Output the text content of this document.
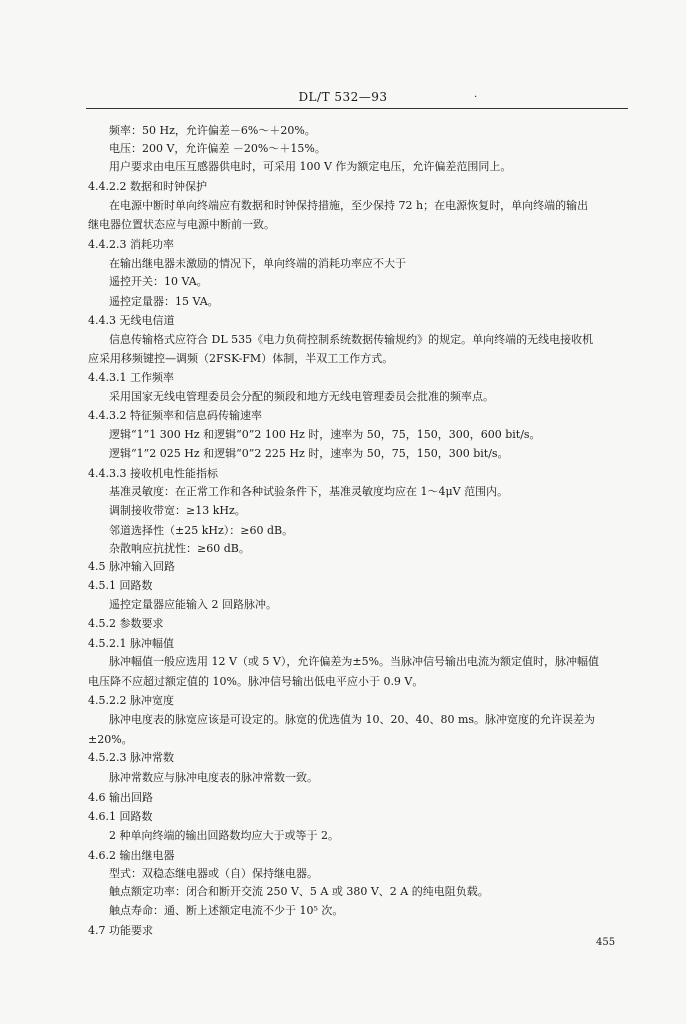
DL/T 532—93	·
频率：50 Hz，允许偏差－6%～＋20%。
电压：200 V，允许偏差 －20%～＋15%。
用户要求由电压互感器供电时，可采用 100 V 作为额定电压，允许偏差范围同上。
4.4.2.2 数据和时钟保护
在电源中断时单向终端应有数据和时钟保持措施，至少保持 72 h；在电源恢复时，单向终端的输出
继电器位置状态应与电源中断前一致。
4.4.2.3 消耗功率
在输出继电器未激励的情况下，单向终端的消耗功率应不大于
遥控开关：10 VA。
遥控定量器：15 VA。
4.4.3 无线电信道
信息传输格式应符合 DL 535《电力负荷控制系统数据传输规约》的规定。单向终端的无线电接收机
应采用移频键控—调频（2FSK-FM）体制，半双工工作方式。
4.4.3.1 工作频率
采用国家无线电管理委员会分配的频段和地方无线电管理委员会批准的频率点。
4.4.3.2 特征频率和信息码传输速率
逻辑“1”1 300 Hz 和逻辑“0”2 100 Hz 时，速率为 50，75，150，300，600 bit/s。
逻辑“1”2 025 Hz 和逻辑“0”2 225 Hz 时，速率为 50，75，150，300 bit/s。
4.4.3.3 接收机电性能指标
基准灵敏度：在正常工作和各种试验条件下，基准灵敏度均应在 1～4μV 范围内。
调制接收带宽：≥13 kHz。
邻道选择性（±25 kHz）：≥60 dB。
杂散响应抗扰性：≥60 dB。
4.5 脉冲输入回路
4.5.1 回路数
遥控定量器应能输入 2 回路脉冲。
4.5.2 参数要求
4.5.2.1 脉冲幅值
脉冲幅值一般应选用 12 V（或 5 V），允许偏差为±5%。当脉冲信号输出电流为额定值时，脉冲幅值
电压降不应超过额定值的 10%。脉冲信号输出低电平应小于 0.9 V。
4.5.2.2 脉冲宽度
脉冲电度表的脉宽应该是可设定的。脉宽的优选值为 10、20、40、80 ms。脉冲宽度的允许误差为
±20%。
4.5.2.3 脉冲常数
脉冲常数应与脉冲电度表的脉冲常数一致。
4.6 输出回路
4.6.1 回路数
2 种单向终端的输出回路数均应大于或等于 2。
4.6.2 输出继电器
型式：双稳态继电器或（自）保持继电器。
触点额定功率：闭合和断开交流 250 V、5 A 或 380 V、2 A 的纯电阻负载。
触点寿命：通、断上述额定电流不少于 10⁵ 次。
4.7 功能要求
455
